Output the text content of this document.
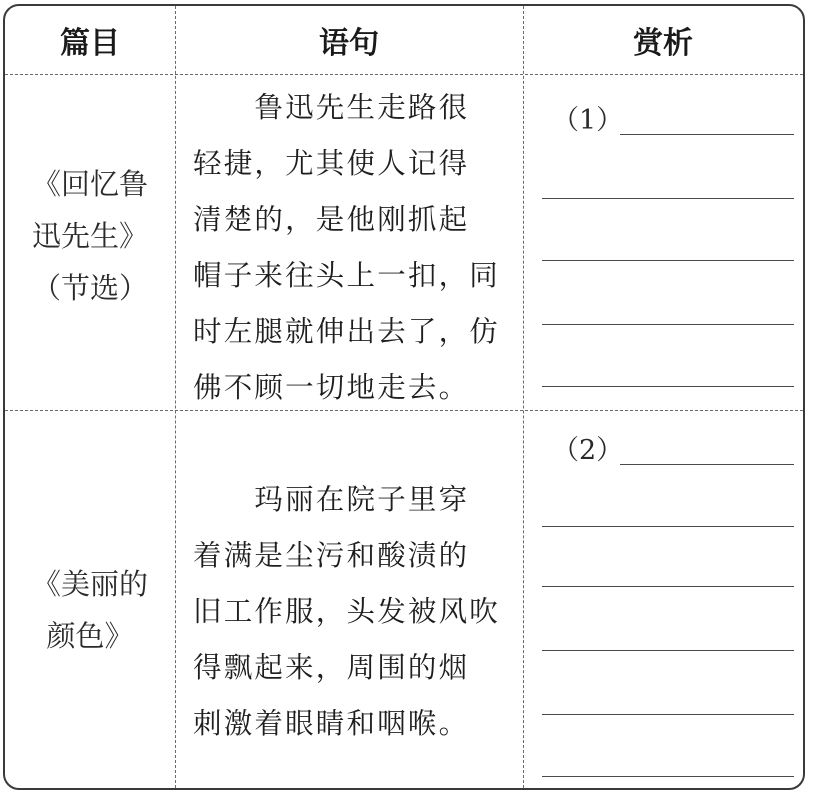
篇目	语句	赏析
《回忆鲁
迅先生》
（节选）
　　鲁迅先生走路很
轻捷，尤其使人记得
清楚的，是他刚抓起
帽子来往头上一扣，同
时左腿就伸出去了，仿
佛不顾一切地走去。
（1）
《美丽的
颜色》
　　玛丽在院子里穿
着满是尘污和酸渍的
旧工作服，头发被风吹
得飘起来，周围的烟
刺激着眼睛和咽喉。
（2）
